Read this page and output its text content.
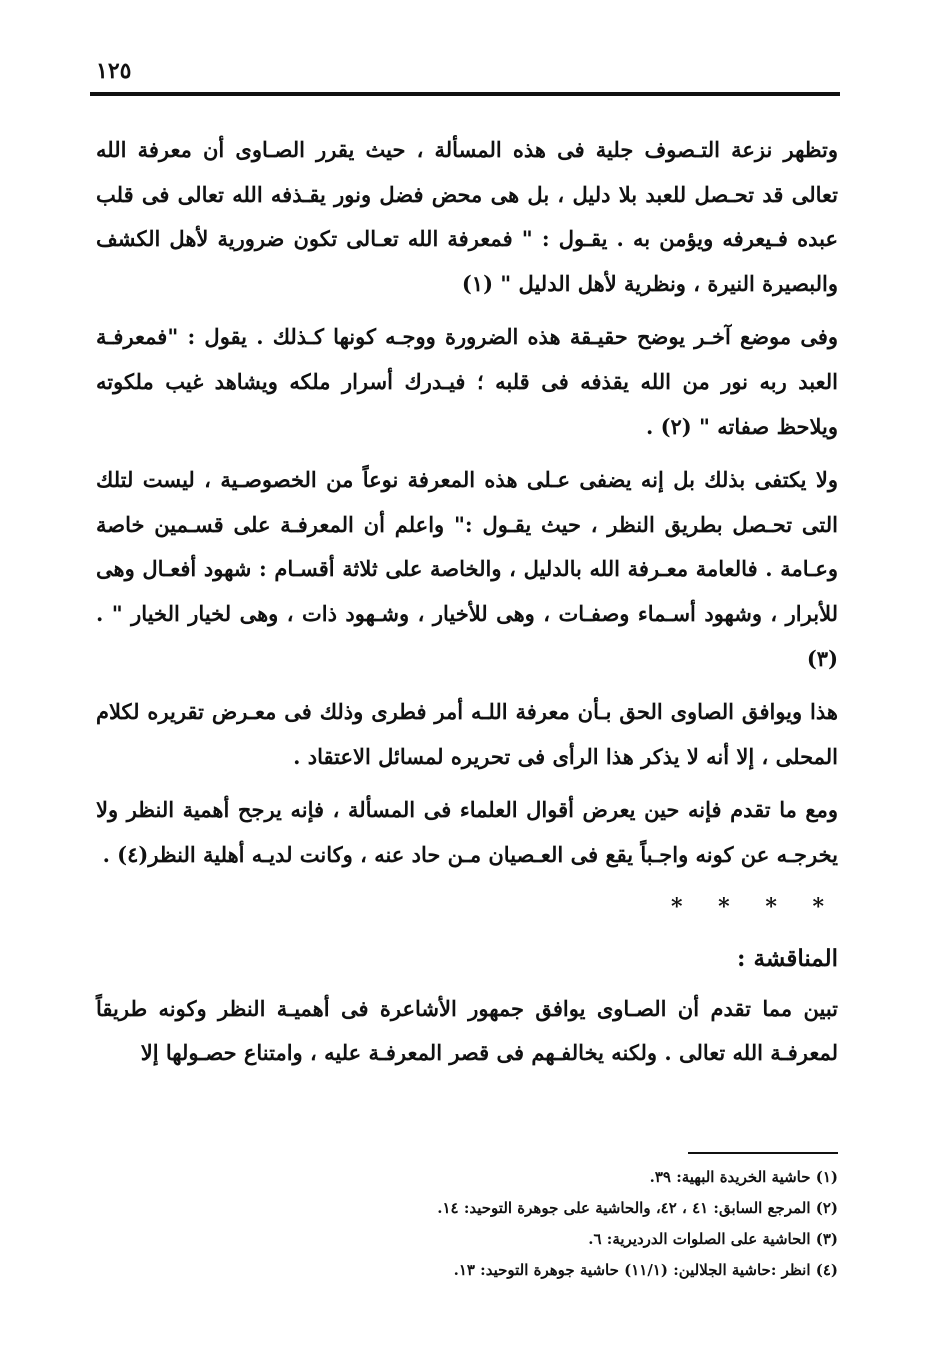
١٢٥

وتظهر نزعة التـصوف جلية فى هذه المسألة ، حيث يقرر الصـاوى أن معرفة الله تعالى قد تحـصل للعبد بلا دليل ، بل هى محض فضل ونور يقـذفه الله تعالى فى قلب عبده فـيعرفه ويؤمن به . يقـول : " فمعرفة الله تعـالى تكون ضرورية لأهل الكشف والبصيرة النيرة ، ونظرية لأهل الدليل " (١)

وفى موضع آخـر يوضح حقيـقة هذه الضرورة ووجـه كونها كـذلك . يقول : "فمعرفـة العبد ربه نور من الله يقذفه فى قلبه ؛ فيـدرك أسرار ملكه ويشاهد غيب ملكوته ويلاحظ صفاته " (٢) .

ولا يكتفى بذلك بل إنه يضفى عـلى هذه المعرفة نوعاً من الخصوصـية ، ليست لتلك التى تحـصل بطريق النظر ، حيث يقـول :" واعلم أن المعرفـة على قسـمين خاصة وعـامة . فالعامة معـرفة الله بالدليل ، والخاصة على ثلاثة أقسـام : شهود أفعـال وهى للأبرار ، وشهود أسـماء وصفـات ، وهى للأخيار ، وشـهود ذات ، وهى لخيار الخيار " . (٣)

هذا ويوافق الصاوى الحق بـأن معرفة اللـه أمر فطرى وذلك فى معـرض تقريره لكلام المحلى ، إلا أنه لا يذكر هذا الرأى فى تحريره لمسائل الاعتقاد .

ومع ما تقدم فإنه حين يعرض أقوال العلماء فى المسألة ، فإنه يرجح أهمية النظر ولا يخرجـه عن كونه واجـباً يقع فى العـصيان مـن حاد عنه ، وكانت لديـه أهلية النظر(٤) .

* * * *
المناقشة :

تبين مما تقدم أن الصـاوى يوافق جمهور الأشاعرة فى أهميـة النظر وكونه طريقاً لمعرفـة الله تعالى . ولكنه يخالفـهم فى قصر المعرفـة عليه ، وامتناع حصـولها إلا

(١) حاشية الخريدة البهية: ٣٩.

(٢) المرجع السابق: ٤١ ، ٤٢، والحاشية على جوهرة التوحيد: ١٤.

(٣) الحاشية على الصلوات الدرديرية: ٦.

(٤) انظر :حاشية الجلالين: (١١/١) حاشية جوهرة التوحيد: ١٣.
